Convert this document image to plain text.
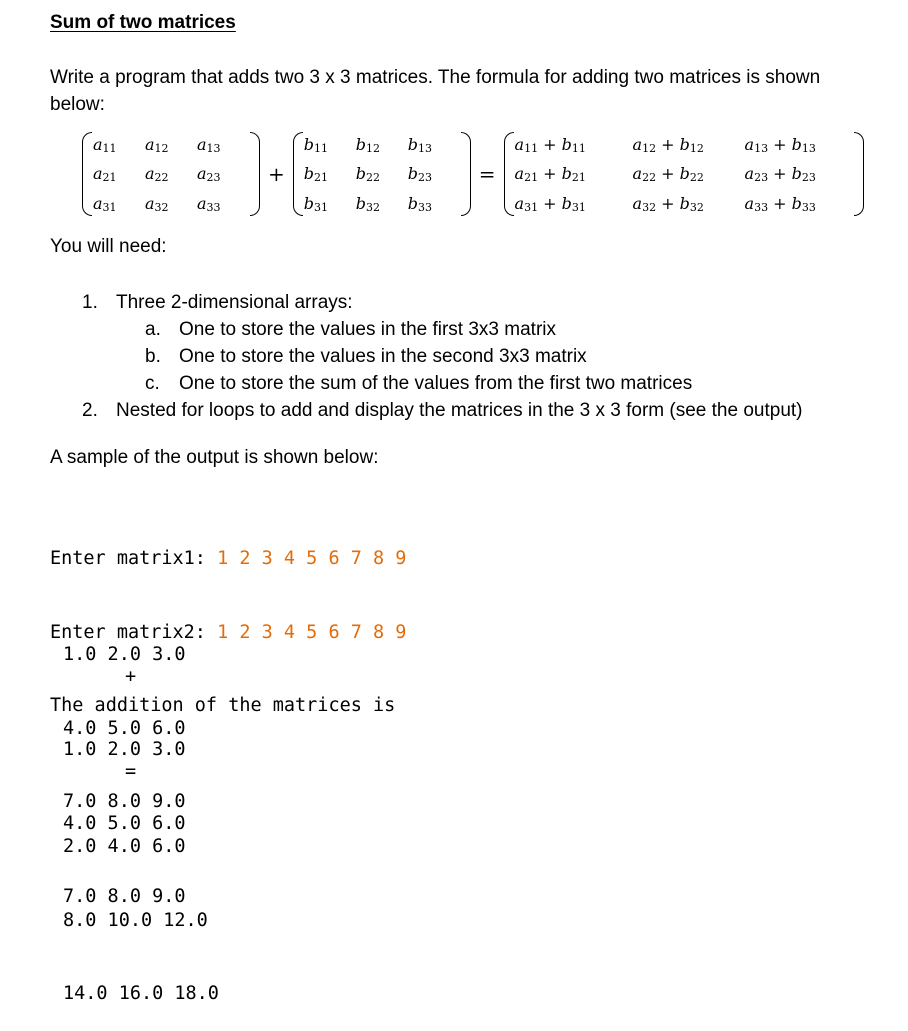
Sum of two matrices

Write a program that adds two 3 x 3 matrices. The formula for adding two matrices is shown below:

$a_{11}$	$a_{12}$	$a_{13}$
$a_{21}$	$a_{22}$	$a_{23}$
$a_{31}$	$a_{32}$	$a_{33}$
+
$b_{11}$	$b_{12}$	$b_{13}$
$b_{21}$	$b_{22}$	$b_{23}$
$b_{31}$	$b_{32}$	$b_{33}$
=
$a_{11} + b_{11}$	$a_{12} + b_{12}$	$a_{13} + b_{13}$
$a_{21} + b_{21}$	$a_{22} + b_{22}$	$a_{23} + b_{23}$
$a_{31} + b_{31}$	$a_{32} + b_{32}$	$a_{33} + b_{33}$

You will need:

1. Three 2-dimensional arrays:
a. One to store the values in the first 3x3 matrix
b. One to store the values in the second 3x3 matrix
c. One to store the sum of the values from the first two matrices
2. Nested for loops to add and display the matrices in the 3 x 3 form (see the output)

A sample of the output is shown below:

Enter matrix1: 1 2 3 4 5 6 7 8 9

Enter matrix2: 1 2 3 4 5 6 7 8 9

The addition of the matrices is

1.0 2.0 3.0

4.0 5.0 6.0

7.0 8.0 9.0

+

1.0 2.0 3.0

4.0 5.0 6.0

7.0 8.0 9.0

=

2.0 4.0 6.0

8.0 10.0 12.0

14.0 16.0 18.0
